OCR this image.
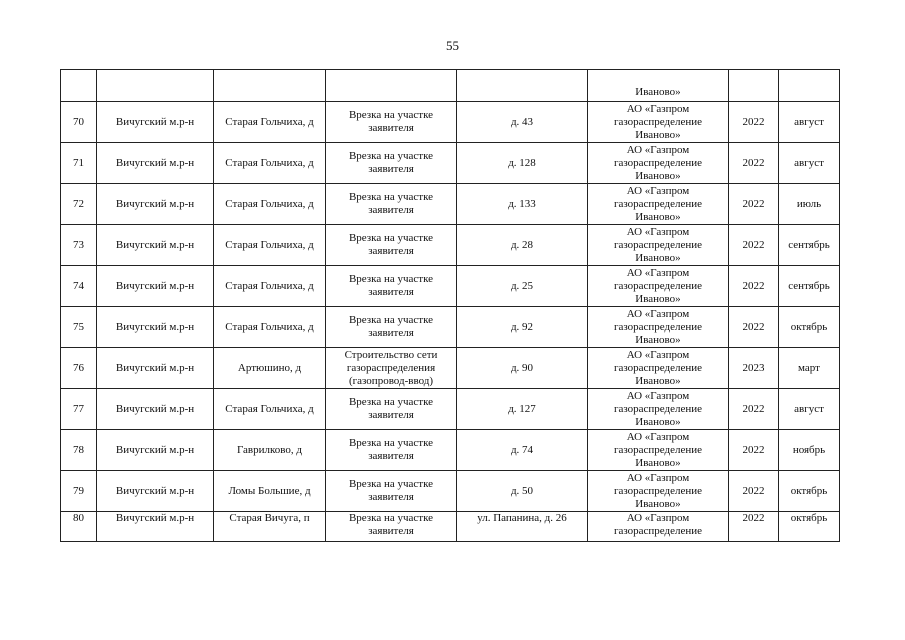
55
					Иваново»		
70	Вичугский м.р-н	Старая Гольчиха, д	Врезка на участке заявителя	д. 43	АО «Газпром газораспределение Иваново»	2022	август
71	Вичугский м.р-н	Старая Гольчиха, д	Врезка на участке заявителя	д. 128	АО «Газпром газораспределение Иваново»	2022	август
72	Вичугский м.р-н	Старая Гольчиха, д	Врезка на участке заявителя	д. 133	АО «Газпром газораспределение Иваново»	2022	июль
73	Вичугский м.р-н	Старая Гольчиха, д	Врезка на участке заявителя	д. 28	АО «Газпром газораспределение Иваново»	2022	сентябрь
74	Вичугский м.р-н	Старая Гольчиха, д	Врезка на участке заявителя	д. 25	АО «Газпром газораспределение Иваново»	2022	сентябрь
75	Вичугский м.р-н	Старая Гольчиха, д	Врезка на участке заявителя	д. 92	АО «Газпром газораспределение Иваново»	2022	октябрь
76	Вичугский м.р-н	Артюшино, д	Строительство сети газораспределения (газопровод-ввод)	д. 90	АО «Газпром газораспределение Иваново»	2023	март
77	Вичугский м.р-н	Старая Гольчиха, д	Врезка на участке заявителя	д. 127	АО «Газпром газораспределение Иваново»	2022	август
78	Вичугский м.р-н	Гаврилково, д	Врезка на участке заявителя	д. 74	АО «Газпром газораспределение Иваново»	2022	ноябрь
79	Вичугский м.р-н	Ломы Большие, д	Врезка на участке заявителя	д. 50	АО «Газпром газораспределение Иваново»	2022	октябрь
80	Вичугский м.р-н	Старая Вичуга, п	Врезка на участке заявителя	ул. Папанина, д. 26	АО «Газпром газораспределение	2022	октябрь
